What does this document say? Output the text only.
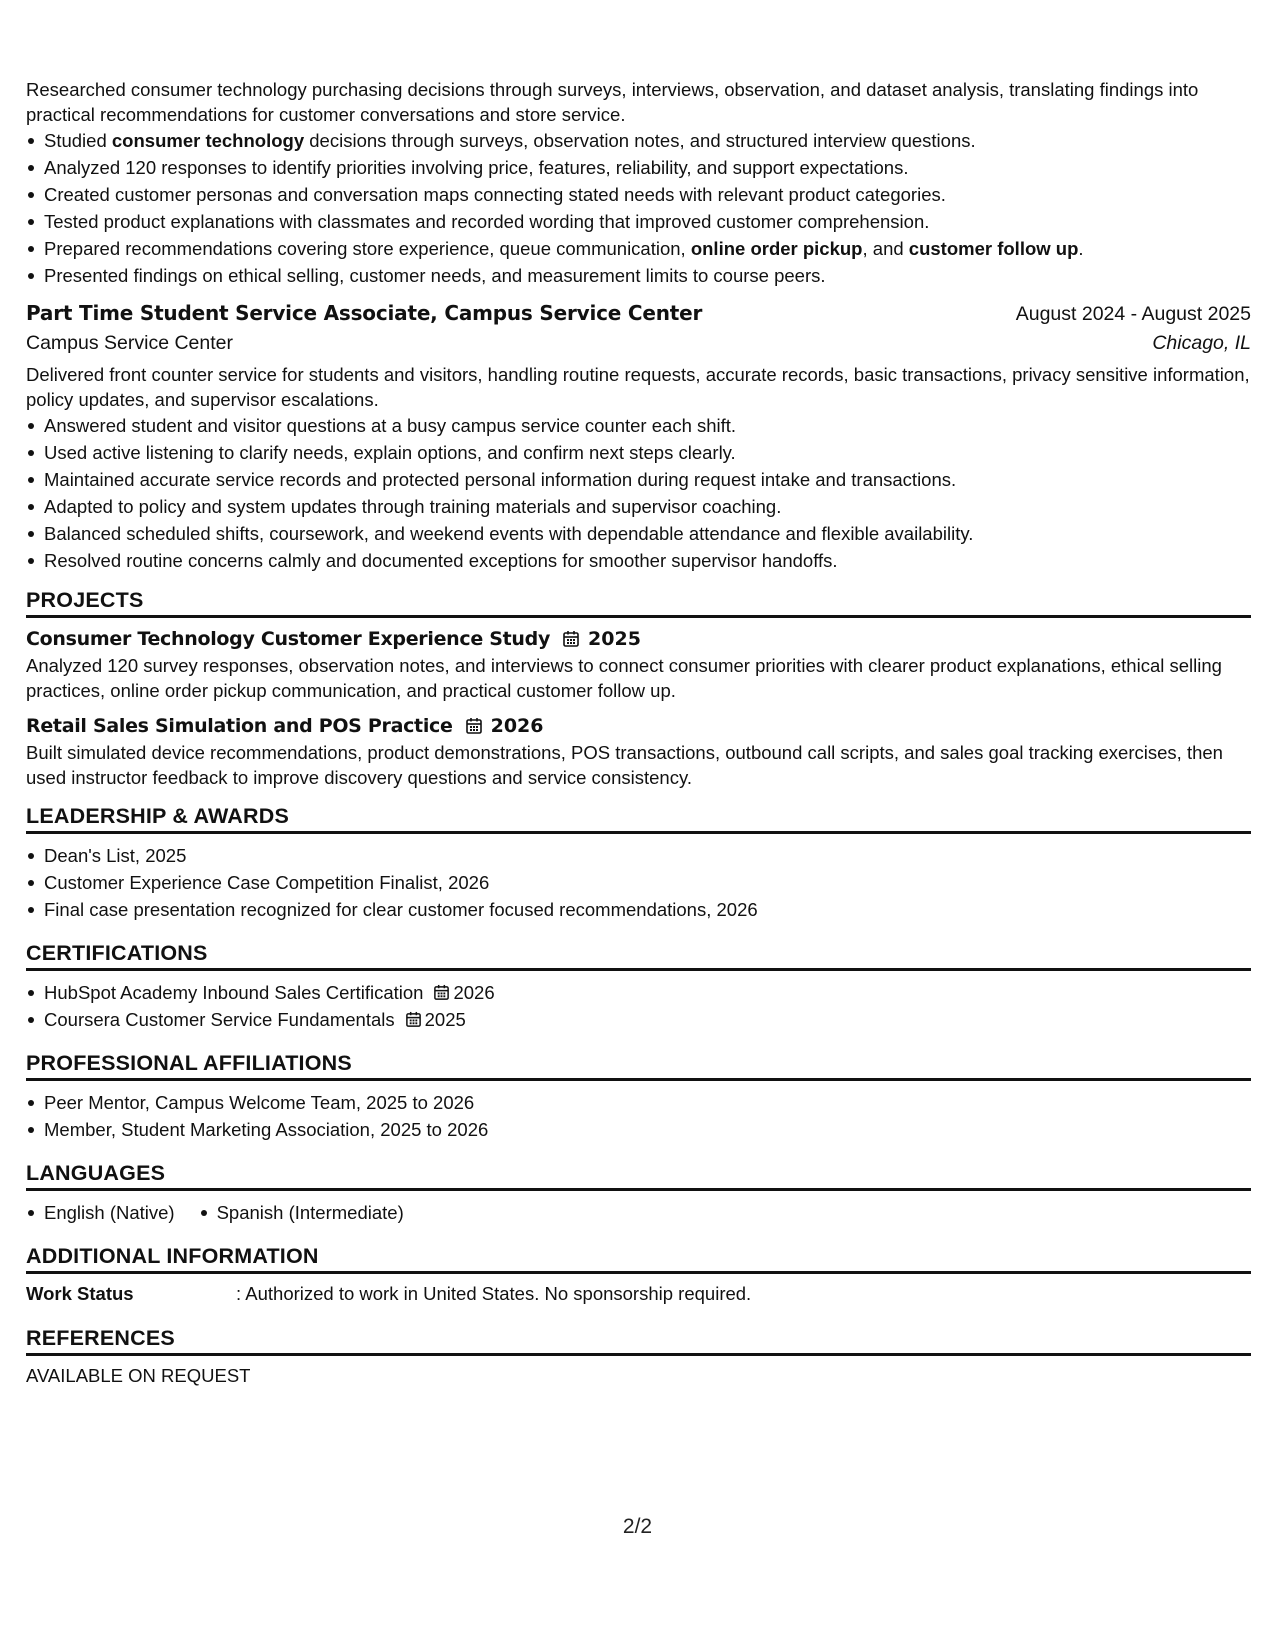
Researched consumer technology purchasing decisions through surveys, interviews, observation, and dataset analysis, translating findings into practical recommendations for customer conversations and store service.

Studied consumer technology decisions through surveys, observation notes, and structured interview questions.
Analyzed 120 responses to identify priorities involving price, features, reliability, and support expectations.
Created customer personas and conversation maps connecting stated needs with relevant product categories.
Tested product explanations with classmates and recorded wording that improved customer comprehension.
Prepared recommendations covering store experience, queue communication, online order pickup, and customer follow up.
Presented findings on ethical selling, customer needs, and measurement limits to course peers.
Part Time Student Service Associate, Campus Service Center	August 2024 - August 2025
Campus Service Center	Chicago, IL

Delivered front counter service for students and visitors, handling routine requests, accurate records, basic transactions, privacy sensitive information, policy updates, and supervisor escalations.

Answered student and visitor questions at a busy campus service counter each shift.
Used active listening to clarify needs, explain options, and confirm next steps clearly.
Maintained accurate service records and protected personal information during request intake and transactions.
Adapted to policy and system updates through training materials and supervisor coaching.
Balanced scheduled shifts, coursework, and weekend events with dependable attendance and flexible availability.
Resolved routine concerns calmly and documented exceptions for smoother supervisor handoffs.
PROJECTS
Consumer Technology Customer Experience Study 2025

Analyzed 120 survey responses, observation notes, and interviews to connect consumer priorities with clearer product explanations, ethical selling practices, online order pickup communication, and practical customer follow up.

Retail Sales Simulation and POS Practice 2026

Built simulated device recommendations, product demonstrations, POS transactions, outbound call scripts, and sales goal tracking exercises, then used instructor feedback to improve discovery questions and service consistency.

LEADERSHIP & AWARDS
Dean's List, 2025
Customer Experience Case Competition Finalist, 2026
Final case presentation recognized for clear customer focused recommendations, 2026
CERTIFICATIONS
HubSpot Academy Inbound Sales Certification 2026
Coursera Customer Service Fundamentals 2025
PROFESSIONAL AFFILIATIONS
Peer Mentor, Campus Welcome Team, 2025 to 2026
Member, Student Marketing Association, 2025 to 2026
LANGUAGES
English (Native) Spanish (Intermediate)
ADDITIONAL INFORMATION
Work Status	: Authorized to work in United States. No sponsorship required.
REFERENCES

AVAILABLE ON REQUEST

2/2
